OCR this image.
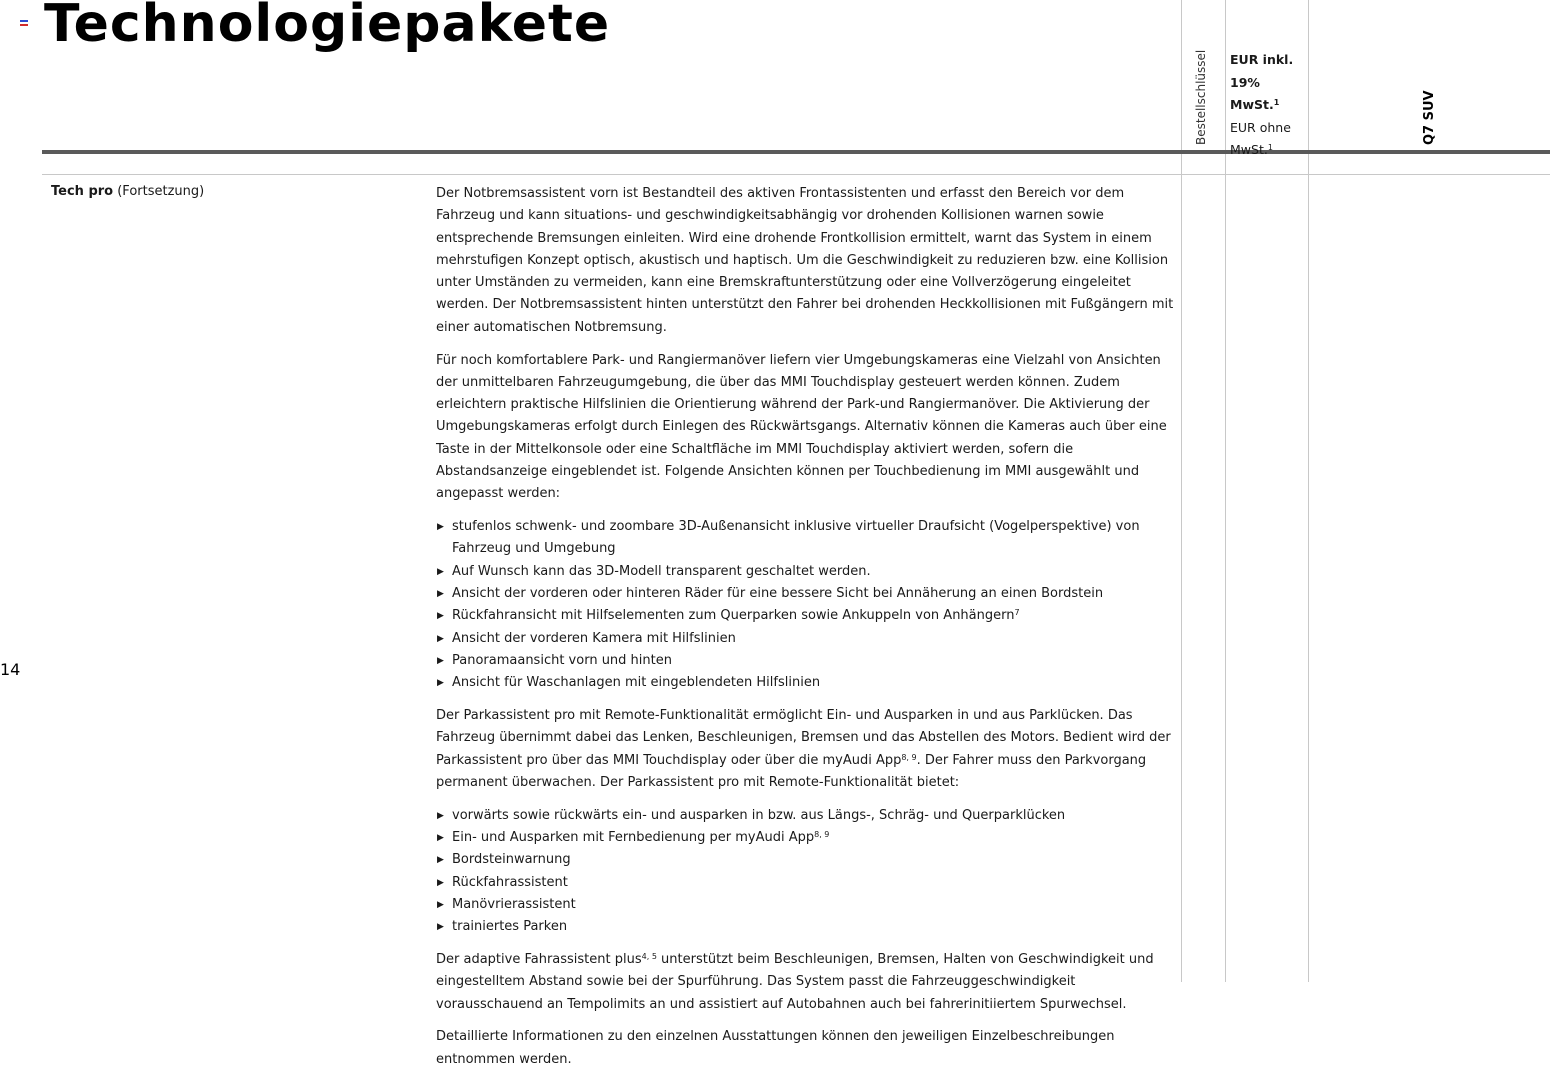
Technologiepakete
14
Bestellschlüssel EUR inkl. 19% MwSt.$^1$
EUR ohne MwSt.$^1$
Q7 SUV
Tech pro (Fortsetzung)	Der Notbremsassistent vorn ist Bestandteil des aktiven Frontassistenten und erfasst den Bereich vor dem Fahrzeug und kann situations- und geschwindigkeitsabhängig vor drohenden Kollisionen warnen sowie entsprechende Bremsungen einleiten. Wird eine drohende Frontkollision ermittelt, warnt das System in einem mehrstufigen Konzept optisch, akustisch und haptisch. Um die Geschwindigkeit zu reduzieren bzw. eine Kollision unter Umständen zu vermeiden, kann eine Bremskraftunterstützung oder eine Vollverzögerung eingeleitet werden. Der Notbremsassistent hinten unterstützt den Fahrer bei drohenden Heckkollisionen mit Fußgängern mit einer automatischen Notbremsung.

Für noch komfortablere Park- und Rangiermanöver liefern vier Umgebungskameras eine Vielzahl von Ansichten der unmittelbaren Fahrzeugumgebung, die über das MMI Touchdisplay gesteuert werden können. Zudem erleichtern praktische Hilfslinien die Orientierung während der Park-und Rangiermanöver. Die Aktivierung der Umgebungskameras erfolgt durch Einlegen des Rückwärtsgangs. Alternativ können die Kameras auch über eine Taste in der Mittelkonsole oder eine Schaltfläche im MMI Touchdisplay aktiviert werden, sofern die Abstandsanzeige eingeblendet ist. Folgende Ansichten können per Touchbedienung im MMI ausgewählt und angepasst werden:

▶ stufenlos schwenk- und zoombare 3D-Außenansicht inklusive virtueller Draufsicht (Vogelperspektive) von Fahrzeug und Umgebung
▶ Auf Wunsch kann das 3D-Modell transparent geschaltet werden.
▶ Ansicht der vorderen oder hinteren Räder für eine bessere Sicht bei Annäherung an einen Bordstein
▶ Rückfahransicht mit Hilfselementen zum Querparken sowie Ankuppeln von Anhängern$^7$
▶ Ansicht der vorderen Kamera mit Hilfslinien
▶ Panoramaansicht vorn und hinten
▶ Ansicht für Waschanlagen mit eingeblendeten Hilfslinien

Der Parkassistent pro mit Remote-Funktionalität ermöglicht Ein- und Ausparken in und aus Parklücken. Das Fahrzeug übernimmt dabei das Lenken, Beschleunigen, Bremsen und das Abstellen des Motors. Bedient wird der Parkassistent pro über das MMI Touchdisplay oder über die myAudi App$^{8, 9}$. Der Fahrer muss den Parkvorgang permanent überwachen. Der Parkassistent pro mit Remote-Funktionalität bietet:

▶ vorwärts sowie rückwärts ein- und ausparken in bzw. aus Längs-, Schräg- und Querparklücken
▶ Ein- und Ausparken mit Fernbedienung per myAudi App$^{8, 9}$
▶ Bordsteinwarnung
▶ Rückfahrassistent
▶ Manövrierassistent
▶ trainiertes Parken

Der adaptive Fahrassistent plus$^{4, 5}$ unterstützt beim Beschleunigen, Bremsen, Halten von Geschwindigkeit und eingestelltem Abstand sowie bei der Spurführung. Das System passt die Fahrzeuggeschwindigkeit vorausschauend an Tempolimits an und assistiert auf Autobahnen auch bei fahrerinitiiertem Spurwechsel.

Detaillierte Informationen zu den einzelnen Ausstattungen können den jeweiligen Einzelbeschreibungen entnommen werden.
